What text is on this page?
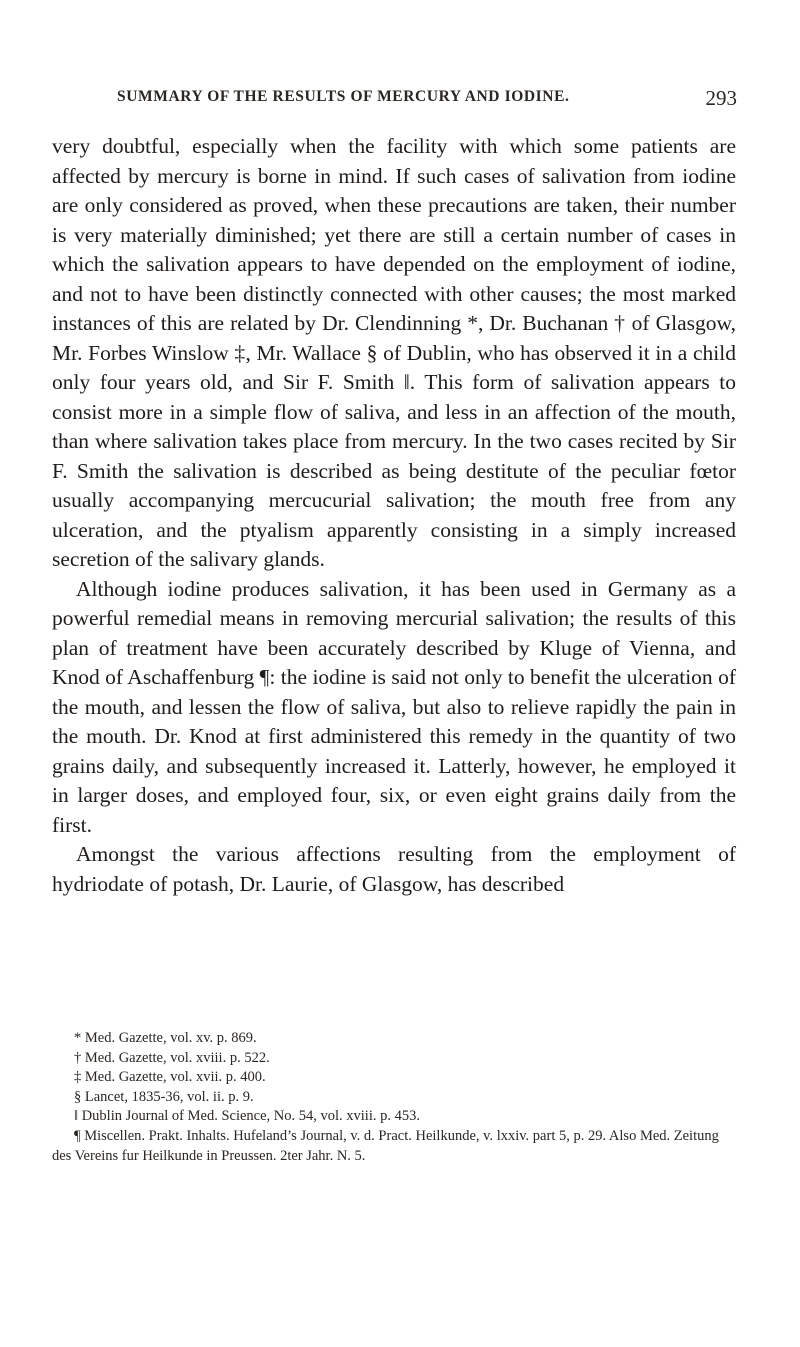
SUMMARY OF THE RESULTS OF MERCURY AND IODINE.	293

very doubtful, especially when the facility with which some patients are affected by mercury is borne in mind. If such cases of salivation from iodine are only considered as proved, when these precautions are taken, their number is very materially diminished; yet there are still a certain number of cases in which the salivation appears to have depended on the employment of iodine, and not to have been distinctly connected with other causes; the most marked instances of this are related by Dr. Clendinning *, Dr. Buchanan † of Glasgow, Mr. Forbes Winslow ‡, Mr. Wallace § of Dublin, who has observed it in a child only four years old, and Sir F. Smith ‖. This form of salivation appears to consist more in a simple flow of saliva, and less in an affection of the mouth, than where salivation takes place from mercury. In the two cases recited by Sir F. Smith the salivation is described as being destitute of the peculiar fœtor usually accompanying mercucurial salivation; the mouth free from any ulceration, and the ptyalism apparently consisting in a simply increased secretion of the salivary glands.

Although iodine produces salivation, it has been used in Germany as a powerful remedial means in removing mercurial salivation; the results of this plan of treatment have been accurately described by Kluge of Vienna, and Knod of Aschaffenburg ¶: the iodine is said not only to benefit the ulceration of the mouth, and lessen the flow of saliva, but also to relieve rapidly the pain in the mouth. Dr. Knod at first administered this remedy in the quantity of two grains daily, and subsequently increased it. Latterly, however, he employed it in larger doses, and employed four, six, or even eight grains daily from the first.

Amongst the various affections resulting from the employment of hydriodate of potash, Dr. Laurie, of Glasgow, has described

* Med. Gazette, vol. xv. p. 869.

† Med. Gazette, vol. xviii. p. 522.

‡ Med. Gazette, vol. xvii. p. 400.

§ Lancet, 1835-36, vol. ii. p. 9.

‖ Dublin Journal of Med. Science, No. 54, vol. xviii. p. 453.

¶ Miscellen. Prakt. Inhalts. Hufeland’s Journal, v. d. Pract. Heilkunde, v. lxxiv. part 5, p. 29. Also Med. Zeitung des Vereins fur Heilkunde in Preussen. 2ter Jahr. N. 5.
